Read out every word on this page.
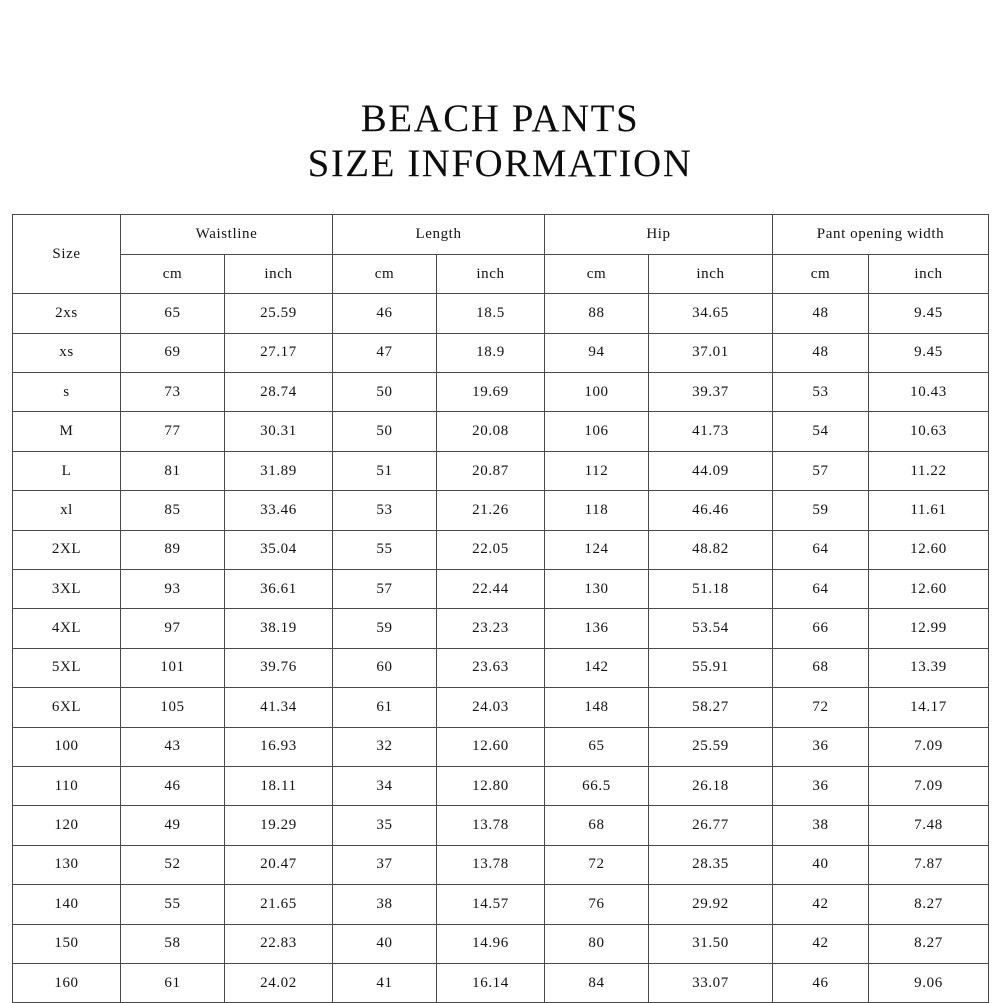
BEACH PANTS
SIZE INFORMATION
Size	Waistline		Length		Hip		Pant opening width	
	cm	inch	cm	inch	cm	inch	cm	inch
2xs	65	25.59	46	18.5	88	34.65	48	9.45
xs	69	27.17	47	18.9	94	37.01	48	9.45
s	73	28.74	50	19.69	100	39.37	53	10.43
M	77	30.31	50	20.08	106	41.73	54	10.63
L	81	31.89	51	20.87	112	44.09	57	11.22
xl	85	33.46	53	21.26	118	46.46	59	11.61
2XL	89	35.04	55	22.05	124	48.82	64	12.60
3XL	93	36.61	57	22.44	130	51.18	64	12.60
4XL	97	38.19	59	23.23	136	53.54	66	12.99
5XL	101	39.76	60	23.63	142	55.91	68	13.39
6XL	105	41.34	61	24.03	148	58.27	72	14.17
100	43	16.93	32	12.60	65	25.59	36	7.09
110	46	18.11	34	12.80	66.5	26.18	36	7.09
120	49	19.29	35	13.78	68	26.77	38	7.48
130	52	20.47	37	13.78	72	28.35	40	7.87
140	55	21.65	38	14.57	76	29.92	42	8.27
150	58	22.83	40	14.96	80	31.50	42	8.27
160	61	24.02	41	16.14	84	33.07	46	9.06
